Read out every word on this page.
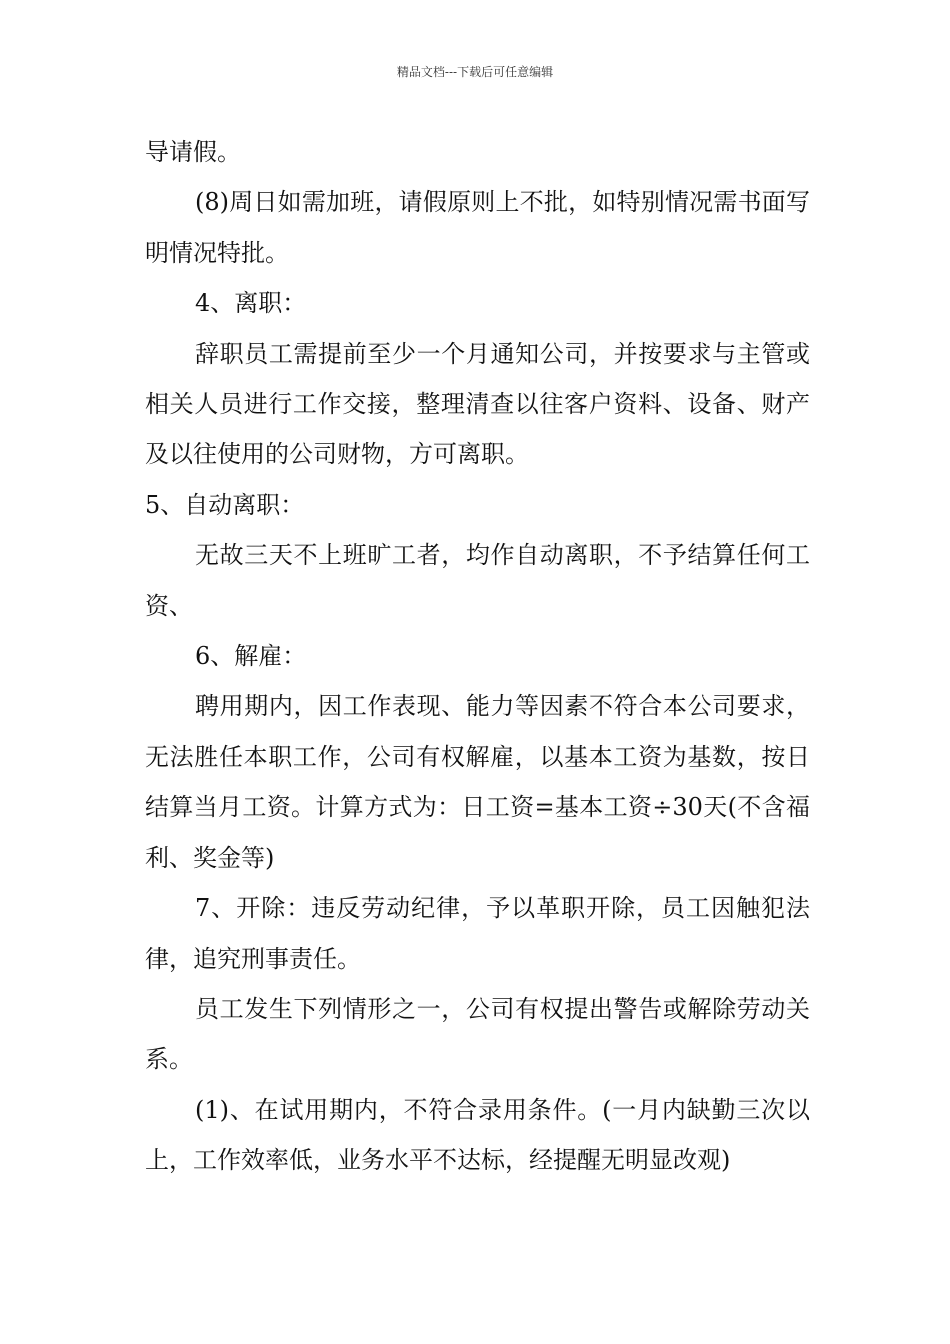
精品文档---下载后可任意编辑

导请假。

(8)周日如需加班，请假原则上不批，如特别情况需书面写明情况特批。

4、离职：

辞职员工需提前至少一个月通知公司，并按要求与主管或相关人员进行工作交接，整理清查以往客户资料、设备、财产及以往使用的公司财物，方可离职。

5、自动离职：

无故三天不上班旷工者，均作自动离职，不予结算任何工资、

6、解雇：

聘用期内，因工作表现、能力等因素不符合本公司要求，无法胜任本职工作，公司有权解雇，以基本工资为基数，按日结算当月工资。计算方式为：日工资=基本工资÷30天(不含福利、奖金等)

7、开除：违反劳动纪律，予以革职开除，员工因触犯法律，追究刑事责任。

员工发生下列情形之一，公司有权提出警告或解除劳动关系。

(1)、在试用期内，不符合录用条件。(一月内缺勤三次以上，工作效率低，业务水平不达标，经提醒无明显改观)
